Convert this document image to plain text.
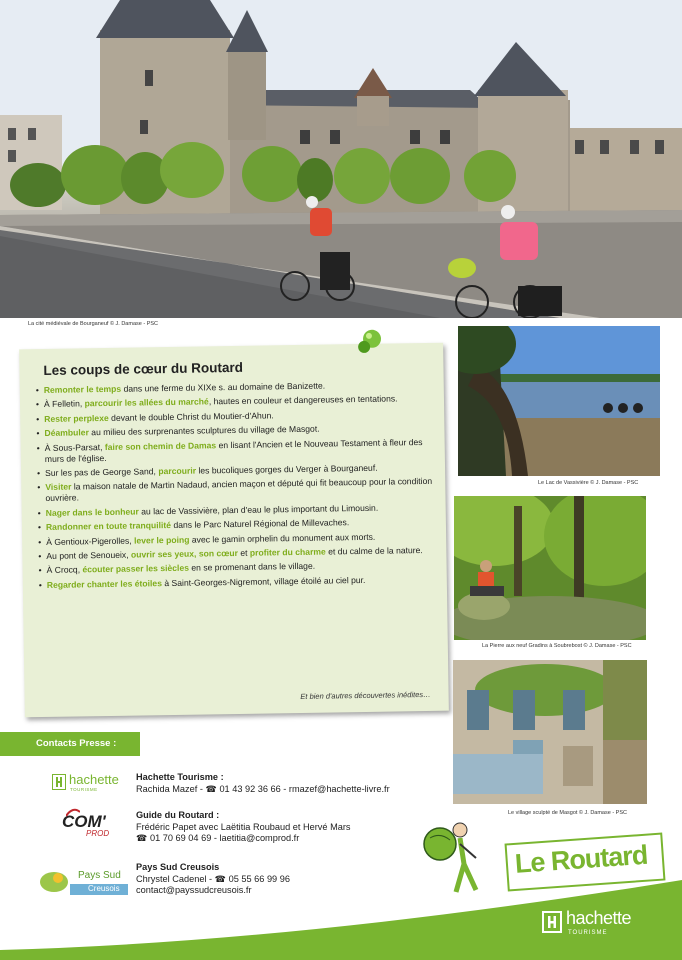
La cité médiévale de Bourganeuf © J. Damase - PSC
Les coups de cœur du Routard
• Remonter le temps dans une ferme du XIXe s. au domaine de Banizette.
• À Felletin, parcourir les allées du marché, hautes en couleur et dangereuses en tentations.
• Rester perplexe devant le double Christ du Moutier-d'Ahun.
• Déambuler au milieu des surprenantes sculptures du village de Masgot.
• À Sous-Parsat, faire son chemin de Damas en lisant l'Ancien et le Nouveau Testament à fleur des murs de l'église.
• Sur les pas de George Sand, parcourir les bucoliques gorges du Verger à Bourganeuf.
• Visiter la maison natale de Martin Nadaud, ancien maçon et député qui fit beaucoup pour la condition ouvrière.
• Nager dans le bonheur au lac de Vassivière, plan d'eau le plus important du Limousin.
• Randonner en toute tranquilité dans le Parc Naturel Régional de Millevaches.
• À Gentioux-Pigerolles, lever le poing avec le gamin orphelin du monument aux morts.
• Au pont de Senoueix, ouvrir ses yeux, son cœur et profiter du charme et du calme de la nature.
• À Crocq, écouter passer les siècles en se promenant dans le village.
• Regarder chanter les étoiles à Saint-Georges-Nigremont, village étoilé au ciel pur.
Et bien d'autres découvertes inédites…
Le Lac de Vassivière © J. Damase - PSC
La Pierre aux neuf Gradins à Soubrebost © J. Damase - PSC
Le village sculpté de Masgot © J. Damase - PSC
Contacts Presse :
hachette
TOURISME
COM'
PROD
Pays Sud
Creusois
Hachette Tourisme :
Rachida Mazef - ☎ 01 43 92 36 66 - rmazef@hachette-livre.fr
Guide du Routard :
Frédéric Papet avec Laëtitia Roubaud et Hervé Mars
☎ 01 70 69 04 69 - laetitia@comprod.fr
Pays Sud Creusois
Chrystel Cadenel - ☎ 05 55 66 99 96
contact@payssudcreusois.fr
Le Routard
hachette
TOURISME
